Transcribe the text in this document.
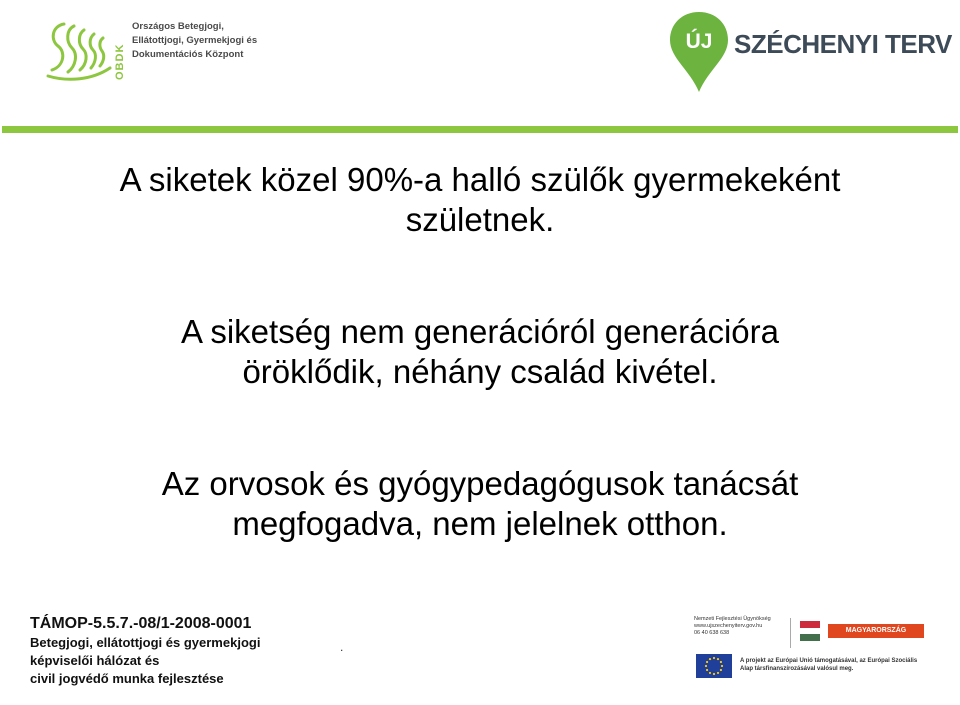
OBDK
Országos Betegjogi,
Ellátottjogi, Gyermekjogi és
Dokumentációs Központ
ÚJ SZÉCHENYI TERV
A siketek közel 90%-a halló szülők gyermekeként
születnek.
A siketség nem generációról generációra
öröklődik, néhány család kivétel.
Az orvosok és gyógypedagógusok tanácsát
megfogadva, nem jelelnek otthon.
TÁMOP-5.5.7.-08/1-2008-0001
Betegjogi, ellátottjogi és gyermekjogi
képviselői hálózat és
civil jogvédő munka fejlesztése
.
Nemzeti Fejlesztési Ügynökség
www.ujszechenyiterv.gov.hu
06 40 638 638	MAGYARORSZÁG MEGÚJUL
A projekt az Európai Unió támogatásával, az Európai Szociális Alap társfinanszírozásával valósul meg.
